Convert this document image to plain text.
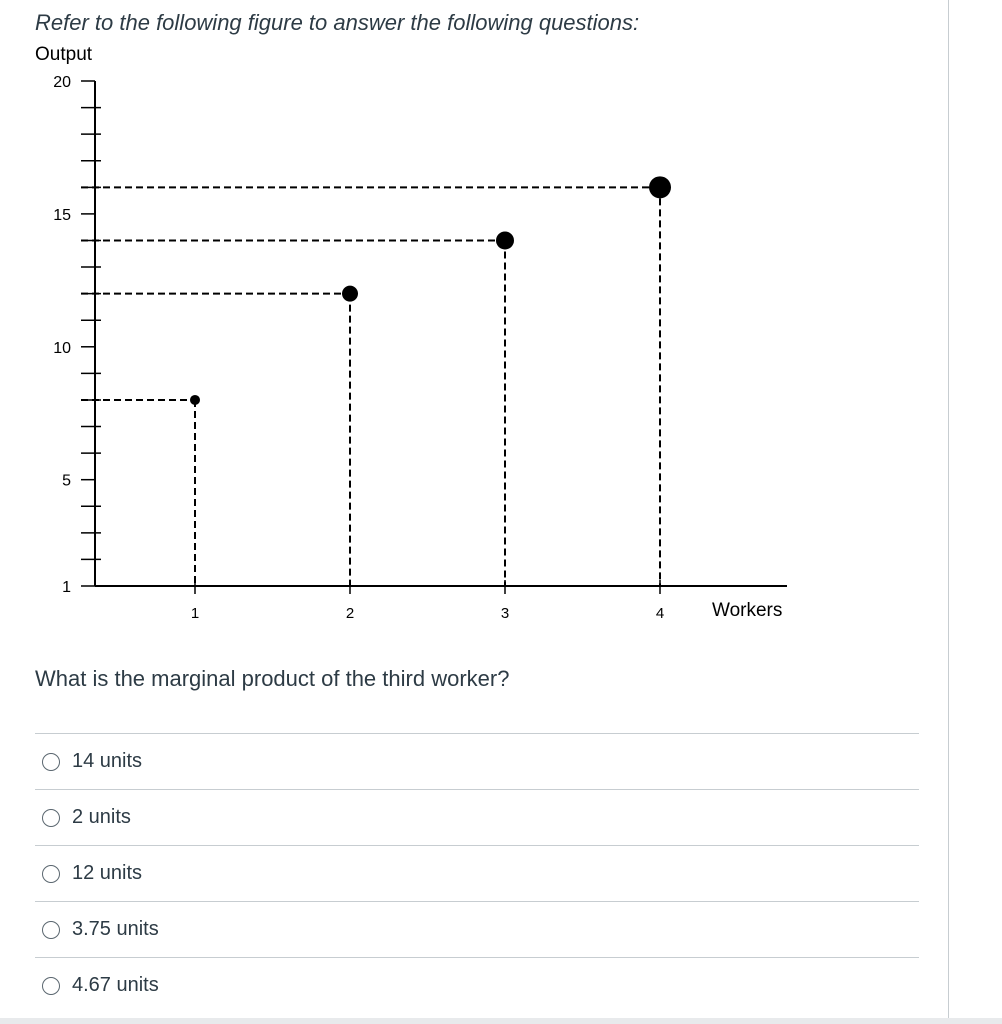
Refer to the following figure to answer the following questions:
Output
Workers
20
15
10
5
1
1	2	3	4
What is the marginal product of the third worker?
14 units
2 units
12 units
3.75 units
4.67 units
